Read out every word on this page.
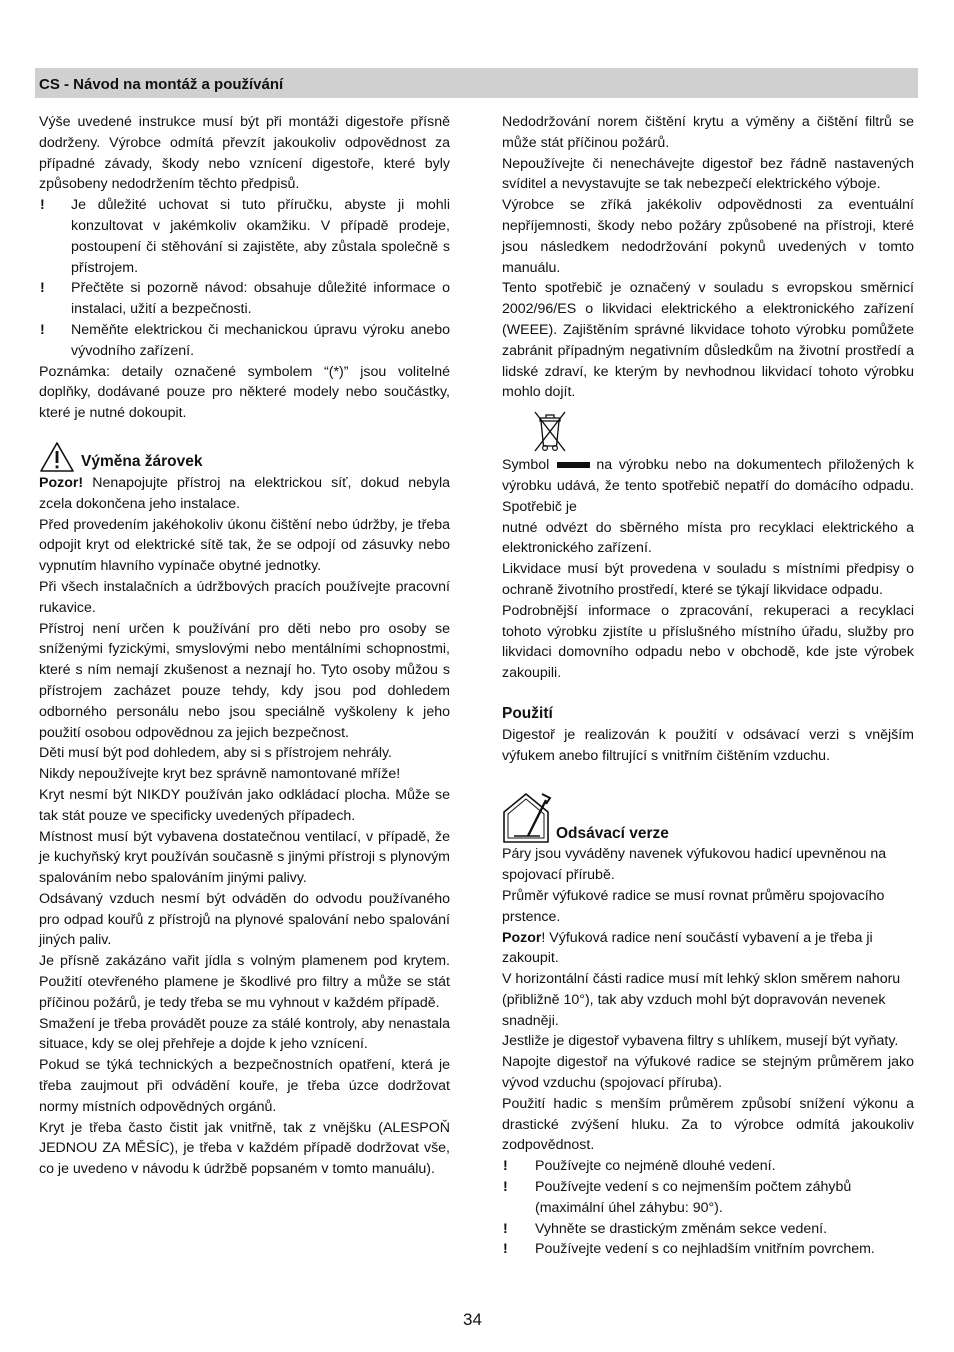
CS - Návod na montáž a používání

Výše uvedené instrukce musí být při montáži digestoře přísně dodrženy. Výrobce odmítá převzít jakoukoliv odpovědnost za případné závady, škody nebo vznícení digestoře, které byly způsobeny nedodržením těchto předpisů.

!	Je důležité uchovat si tuto příručku, abyste ji mohli konzultovat v jakémkoliv okamžiku. V případě prodeje, postoupení či stěhování si zajistěte, aby zůstala společně s přístrojem.
!	Přečtěte si pozorně návod: obsahuje důležité informace o instalaci, užití a bezpečnosti.
!	Neměňte elektrickou či mechanickou úpravu výroku anebo vývodního zařízení.

Poznámka: detaily označené symbolem “(*)” jsou volitelné doplňky, dodávané pouze pro některé modely nebo součástky, které je nutné dokoupit.

Výměna žárovek

Pozor! Nenapojujte přístroj na elektrickou síť, dokud nebyla zcela dokončena jeho instalace.

Před provedením jakéhokoliv úkonu čištění nebo údržby, je třeba odpojit kryt od elektrické sítě tak, že se odpojí od zásuvky nebo vypnutím hlavního vypínače obytné jednotky.

Při všech instalačních a údržbových pracích používejte pracovní rukavice.

Přístroj není určen k používání pro děti nebo pro osoby se sníženými fyzickými, smyslovými nebo mentálními schopnostmi, které s ním nemají zkušenost a neznají ho. Tyto osoby můžou s přístrojem zacházet pouze tehdy, kdy jsou pod dohledem odborného personálu nebo jsou speciálně vyškoleny k jeho použití osobou odpovědnou za jejich bezpečnost.

Děti musí být pod dohledem, aby si s přístrojem nehrály.

Nikdy nepoužívejte kryt bez správně namontované mříže!

Kryt nesmí být NIKDY používán jako odkládací plocha. Může se tak stát pouze ve specificky uvedených případech.

Místnost musí být vybavena dostatečnou ventilací, v případě, že je kuchyňský kryt používán současně s jinými přístroji s plynovým spalováním nebo spalováním jinými palivy.

Odsávaný vzduch nesmí být odváděn do odvodu používaného pro odpad kouřů z přístrojů na plynové spalování nebo spalování jiných paliv.

Je přísně zakázáno vařit jídla s volným plamenem pod krytem. Použití otevřeného plamene je škodlivé pro filtry a může se stát příčinou požárů, je tedy třeba se mu vyhnout v každém případě.

Smažení je třeba provádět pouze za stálé kontroly, aby nenastala situace, kdy se olej přehřeje a dojde k jeho vznícení.

Pokud se týká technických a bezpečnostních opatření, která je třeba zaujmout při odvádění kouře, je třeba úzce dodržovat normy místních odpovědných orgánů.

Kryt je třeba často čistit jak vnitřně, tak z vnějšku (ALESPOŇ JEDNOU ZA MĚSÍC), je třeba v každém případě dodržovat vše, co je uvedeno v návodu k údržbě popsaném v tomto manuálu).

Nedodržování norem čištění krytu a výměny a čištění filtrů se může stát příčinou požárů.

Nepoužívejte či nenechávejte digestoř bez řádně nastavených svíditel a nevystavujte se tak nebezpečí elektrického výboje.

Výrobce se zříká jakékoliv odpovědnosti za eventuální nepříjemnosti, škody nebo požáry způsobené na přístroji, které jsou následkem nedodržování pokynů uvedených v tomto manuálu.

Tento spotřebič je označený v souladu s evropskou směrnicí 2002/96/ES o likvidaci elektrického a elektronického zařízení (WEEE). Zajištěním správné likvidace tohoto výrobku pomůžete zabránit případným negativním důsledkům na životní prostředí a lidské zdraví, ke kterým by nevhodnou likvidací tohoto výrobku mohlo dojít.

Symbol	na výrobku nebo na dokumentech přiložených k výrobku udává, že tento spotřebič nepatří do domácího odpadu. Spotřebič je

nutné odvézt do sběrného místa pro recyklaci elektrického a elektronického zařízení.

Likvidace musí být provedena v souladu s místními předpisy o ochraně životního prostředí, které se týkají likvidace odpadu.

Podrobnější informace o zpracování, rekuperaci a recyklaci tohoto výrobku zjistíte u příslušného místního úřadu, služby pro likvidaci domovního odpadu nebo v obchodě, kde jste výrobek zakoupili.

Použití

Digestoř je realizován k použití v odsávací verzi s vnějším výfukem anebo filtrující s vnitřním čištěním vzduchu.

Odsávací verze

Páry jsou vyváděny navenek výfukovou hadicí upevněnou na spojovací přírubě.

Průměr výfukové radice se musí rovnat průměru spojovacího prstence.

Pozor! Výfuková radice není součástí vybavení a je třeba ji zakoupit.

V horizontální části radice musí mít lehký sklon směrem nahoru (přibližně 10°), tak aby vzduch mohl být dopravován nevenek snadněji.

Jestliže je digestoř vybavena filtry s uhlíkem, musejí být vyňaty.

Napojte digestoř na výfukové radice se stejným průměrem jako vývod vzduchu (spojovací příruba).

Použití hadic s menším průměrem způsobí snížení výkonu a drastické zvýšení hluku. Za to výrobce odmítá jakoukoliv zodpovědnost.

!	Používejte co nejméně dlouhé vedení.
!	Používejte vedení s co nejmenším počtem záhybů (maximální úhel záhybu: 90°).
!	Vyhněte se drastickým změnám sekce vedení.
!	Používejte vedení s co nejhladším vnitřním povrchem.
34
